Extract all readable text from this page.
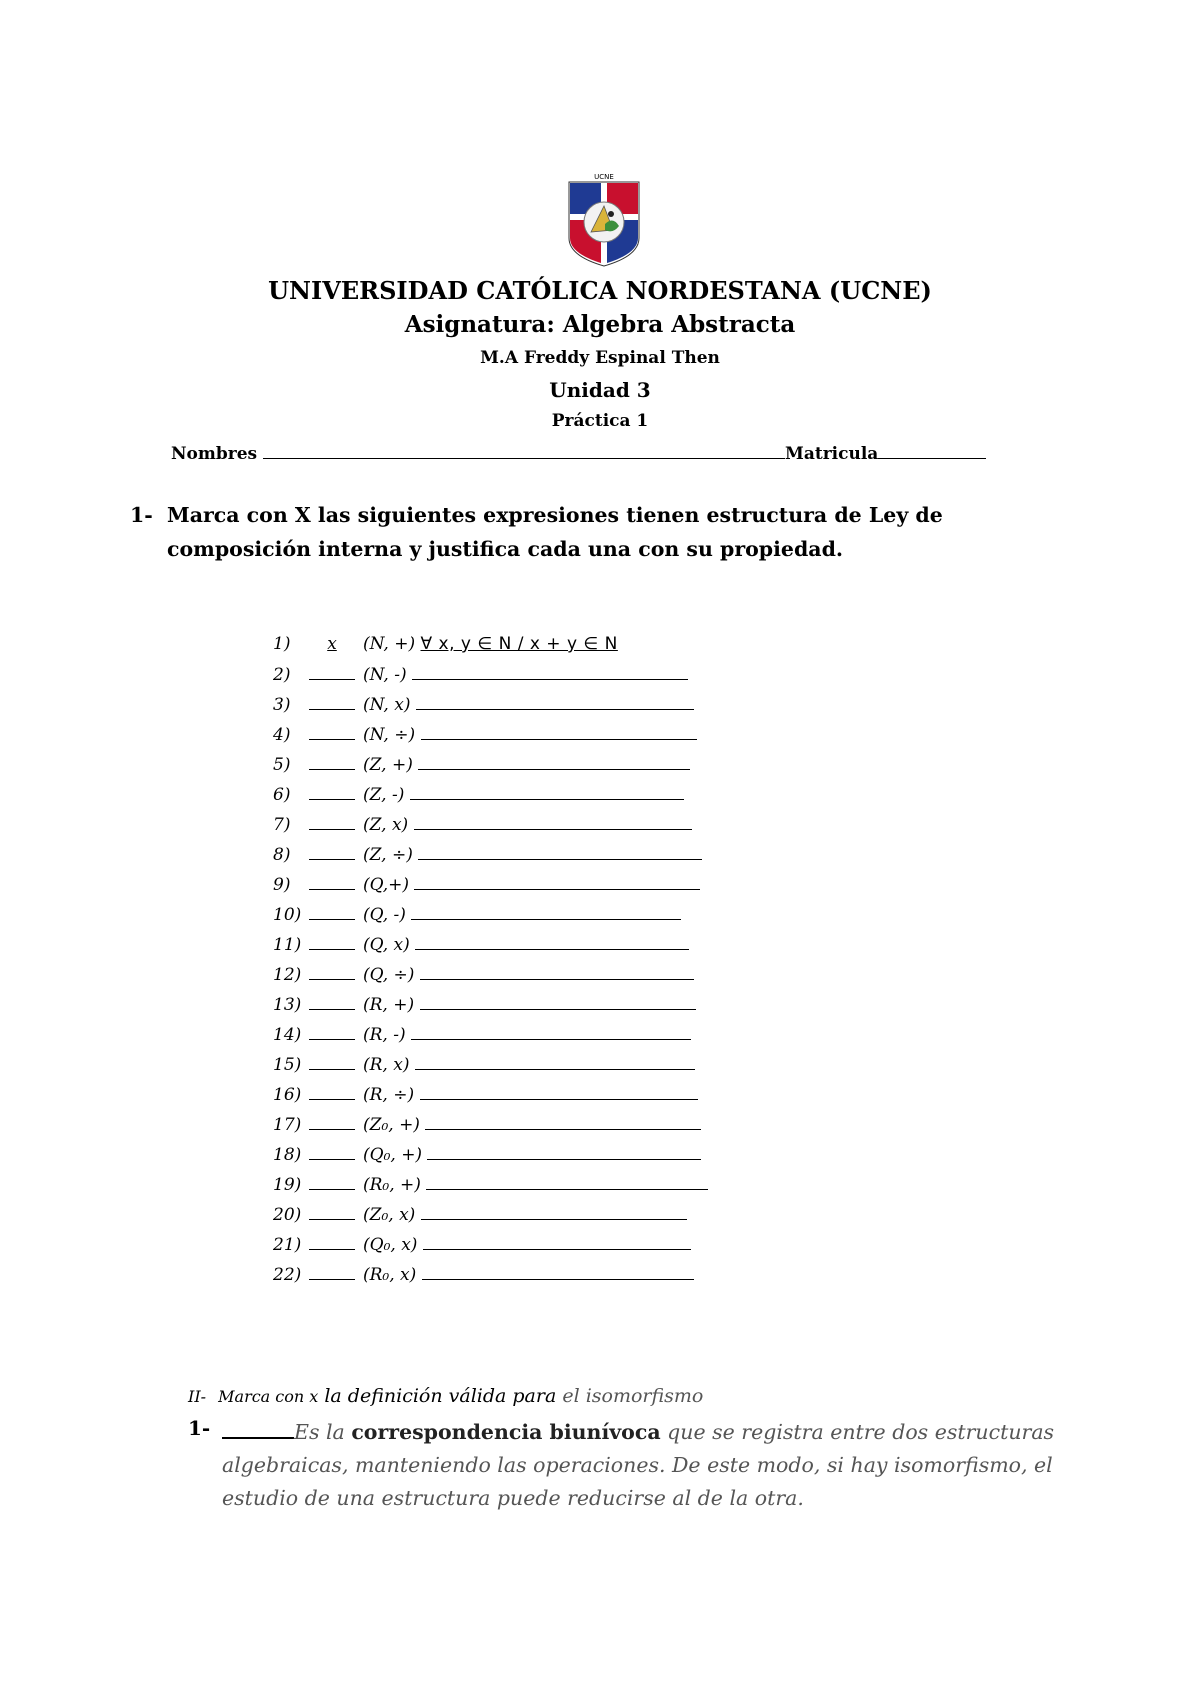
UCNE
UNIVERSIDAD CATÓLICA NORDESTANA (UCNE)
Asignatura: Algebra Abstracta
M.A Freddy Espinal Then
Unidad 3
Práctica 1
Nombres	Matricula
1- Marca con X las siguientes expresiones tienen estructura de Ley de
composición interna y justifica cada una con su propiedad.
1) x (N, +) ∀ x, y ∈ N / x + y ∈ N
2)	(N, -)
3)	(N, x)
4)	(N, ÷)
5)	(Z, +)
6)	(Z, -)
7)	(Z, x)
8)	(Z, ÷)
9)	(Q,+)
10)	(Q, -)
11)	(Q, x)
12)	(Q, ÷)
13)	(R, +)
14)	(R, -)
15)	(R, x)
16)	(R, ÷)
17)	(Z₀, +)
18)	(Q₀, +)
19)	(R₀, +)
20)	(Z₀, x)
21)	(Q₀, x)
22)	(R₀, x)
II- Marca con x la definición válida para el isomorfismo
1-	Es la correspondencia biunívoca que se registra entre dos estructuras algebraicas, manteniendo las operaciones. De este modo, si hay isomorfismo, el estudio de una estructura puede reducirse al de la otra.
